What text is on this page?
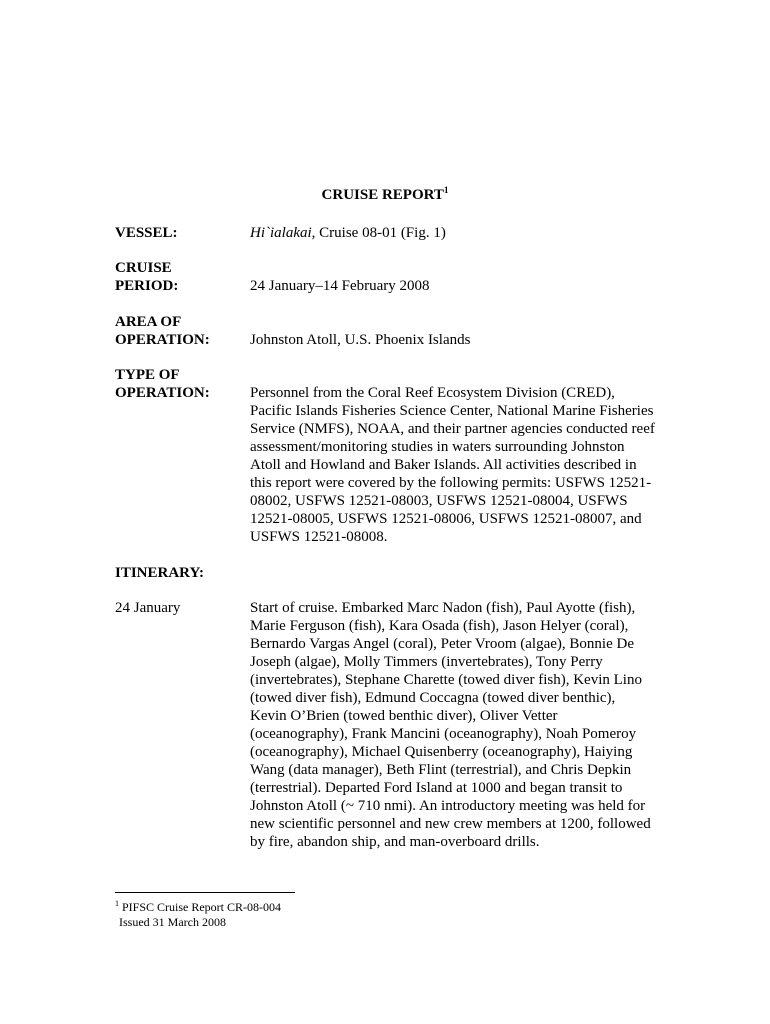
CRUISE REPORT$^1$
VESSEL:	Hi`ialakai, Cruise 08-01 (Fig. 1)
CRUISE
PERIOD:	24 January–14 February 2008
AREA OF
OPERATION:	Johnston Atoll, U.S. Phoenix Islands
TYPE OF
OPERATION:	Personnel from the Coral Reef Ecosystem Division (CRED),
Pacific Islands Fisheries Science Center, National Marine Fisheries
Service (NMFS), NOAA, and their partner agencies conducted reef
assessment/monitoring studies in waters surrounding Johnston
Atoll and Howland and Baker Islands. All activities described in
this report were covered by the following permits: USFWS 12521-
08002, USFWS 12521-08003, USFWS 12521-08004, USFWS
12521-08005, USFWS 12521-08006, USFWS 12521-08007, and
USFWS 12521-08008.
ITINERARY:
24 January	Start of cruise. Embarked Marc Nadon (fish), Paul Ayotte (fish),
Marie Ferguson (fish), Kara Osada (fish), Jason Helyer (coral),
Bernardo Vargas Angel (coral), Peter Vroom (algae), Bonnie De
Joseph (algae), Molly Timmers (invertebrates), Tony Perry
(invertebrates), Stephane Charette (towed diver fish), Kevin Lino
(towed diver fish), Edmund Coccagna (towed diver benthic),
Kevin O’Brien (towed benthic diver), Oliver Vetter
(oceanography), Frank Mancini (oceanography), Noah Pomeroy
(oceanography), Michael Quisenberry (oceanography), Haiying
Wang (data manager), Beth Flint (terrestrial), and Chris Depkin
(terrestrial). Departed Ford Island at 1000 and began transit to
Johnston Atoll (~ 710 nmi). An introductory meeting was held for
new scientific personnel and new crew members at 1200, followed
by fire, abandon ship, and man-overboard drills.
$^1$ PIFSC Cruise Report CR-08-004
Issued 31 March 2008
